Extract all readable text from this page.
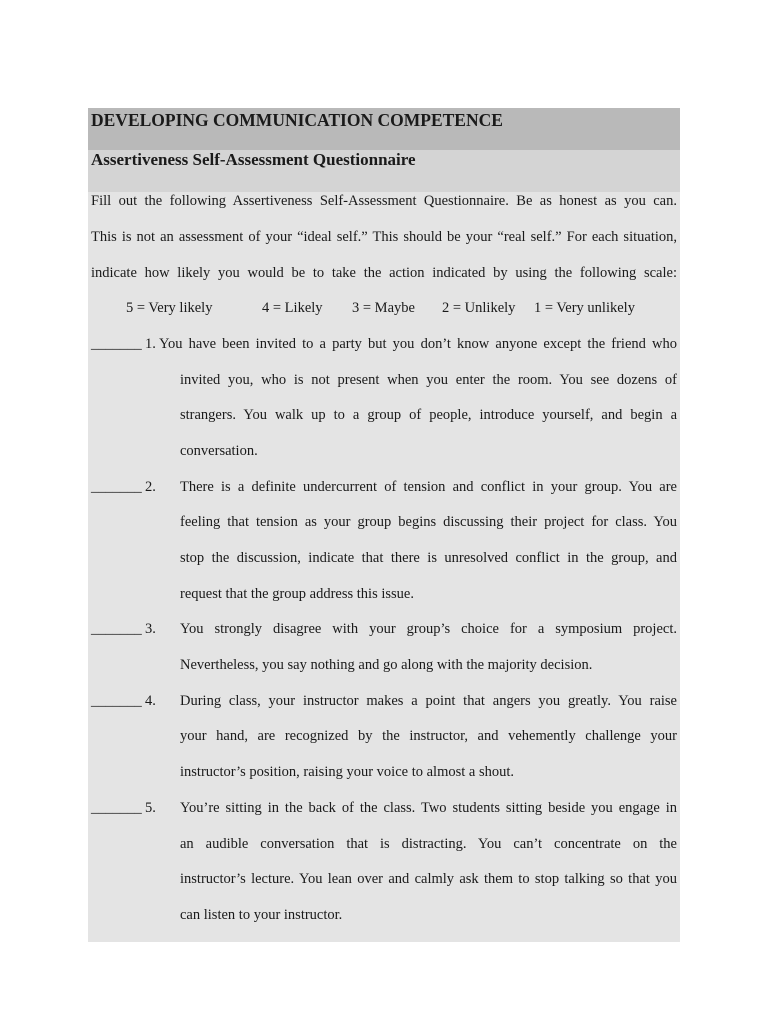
DEVELOPING COMMUNICATION COMPETENCE
Assertiveness Self-Assessment Questionnaire
Fill out the following Assertiveness Self-Assessment Questionnaire. Be as honest as you can.
This is not an assessment of your “ideal self.” This should be your “real self.” For each situation,
indicate how likely you would be to take the action indicated by using the following scale:
5 = Very likely	4 = Likely 3 = Maybe 2 = Unlikely 1 = Very unlikely
_______ 1. You have been invited to a party but you don’t know anyone except the friend who
invited you, who is not present when you enter the room. You see dozens of
strangers. You walk up to a group of people, introduce yourself, and begin a
conversation.
_______ 2. There is a definite undercurrent of tension and conflict in your group. You are
feeling that tension as your group begins discussing their project for class. You
stop the discussion, indicate that there is unresolved conflict in the group, and
request that the group address this issue.
_______ 3. You strongly disagree with your group’s choice for a symposium project.
Nevertheless, you say nothing and go along with the majority decision.
_______ 4. During class, your instructor makes a point that angers you greatly. You raise
your hand, are recognized by the instructor, and vehemently challenge your
instructor’s position, raising your voice to almost a shout.
_______ 5. You’re sitting in the back of the class. Two students sitting beside you engage in
an audible conversation that is distracting. You can’t concentrate on the
instructor’s lecture. You lean over and calmly ask them to stop talking so that you
can listen to your instructor.
